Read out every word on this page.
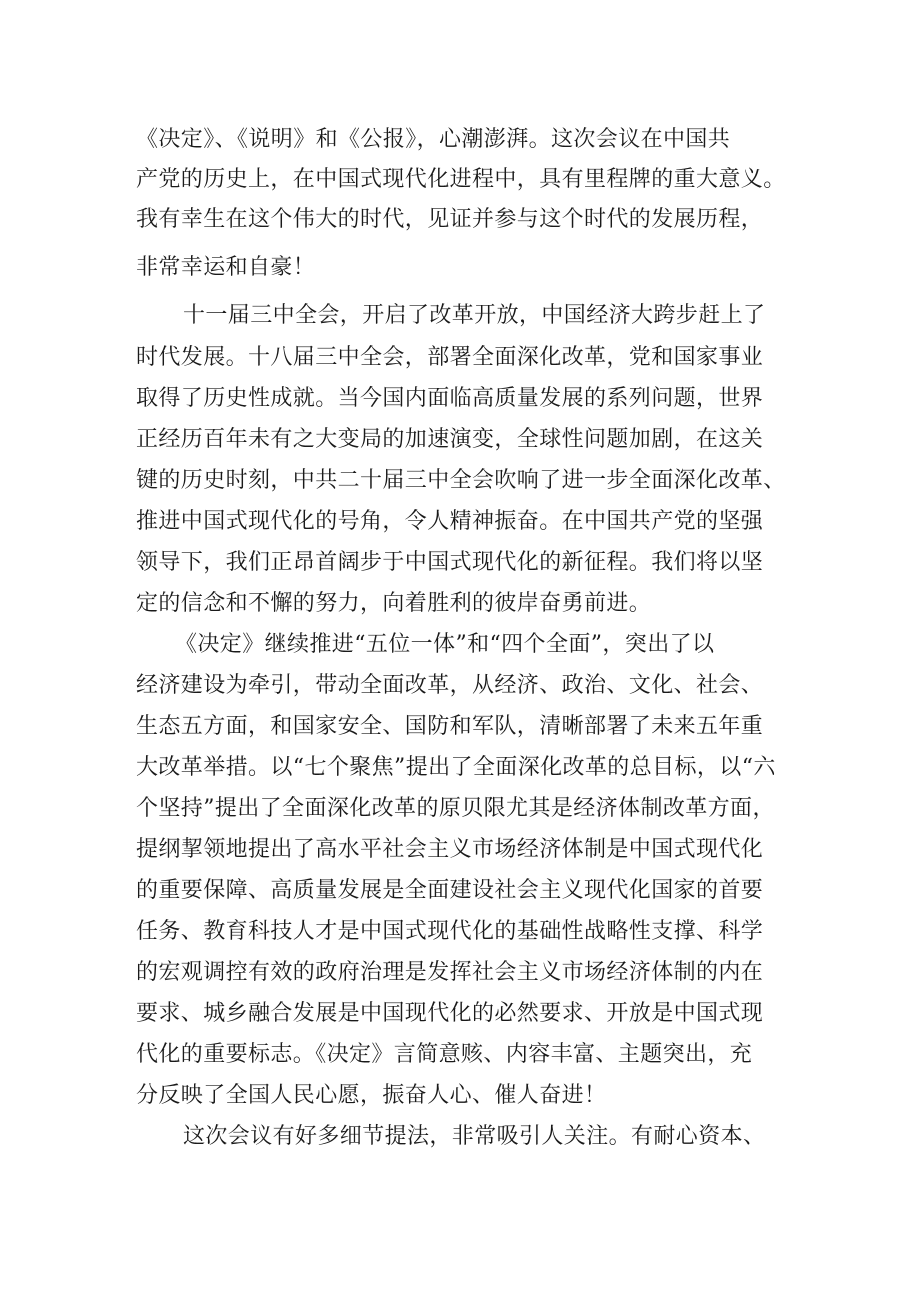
《决定》、《说明》和《公报》，心潮澎湃。这次会议在中国共
产党的历史上，在中国式现代化进程中，具有里程牌的重大意义。
我有幸生在这个伟大的时代，见证并参与这个时代的发展历程，
非常幸运和自豪！
十一届三中全会，开启了改革开放，中国经济大跨步赶上了
时代发展。十八届三中全会，部署全面深化改革，党和国家事业
取得了历史性成就。当今国内面临高质量发展的系列问题，世界
正经历百年未有之大变局的加速演变，全球性问题加剧，在这关
键的历史时刻，中共二十届三中全会吹响了进一步全面深化改革、
推进中国式现代化的号角，令人精神振奋。在中国共产党的坚强
领导下，我们正昂首阔步于中国式现代化的新征程。我们将以坚
定的信念和不懈的努力，向着胜利的彼岸奋勇前进。
《决定》继续推进“五位一体”和“四个全面”，突出了以
经济建设为牵引，带动全面改革，从经济、政治、文化、社会、
生态五方面，和国家安全、国防和军队，清晰部署了未来五年重
大改革举措。以“七个聚焦”提出了全面深化改革的总目标，以“六
个坚持”提出了全面深化改革的原贝限尤其是经济体制改革方面，
提纲挈领地提出了高水平社会主义市场经济体制是中国式现代化
的重要保障、高质量发展是全面建设社会主义现代化国家的首要
任务、教育科技人才是中国式现代化的基础性战略性支撑、科学
的宏观调控有效的政府治理是发挥社会主义市场经济体制的内在
要求、城乡融合发展是中国现代化的必然要求、开放是中国式现
代化的重要标志。《决定》言简意赅、内容丰富、主题突出，充
分反映了全国人民心愿，振奋人心、催人奋进！
这次会议有好多细节提法，非常吸引人关注。有耐心资本、
